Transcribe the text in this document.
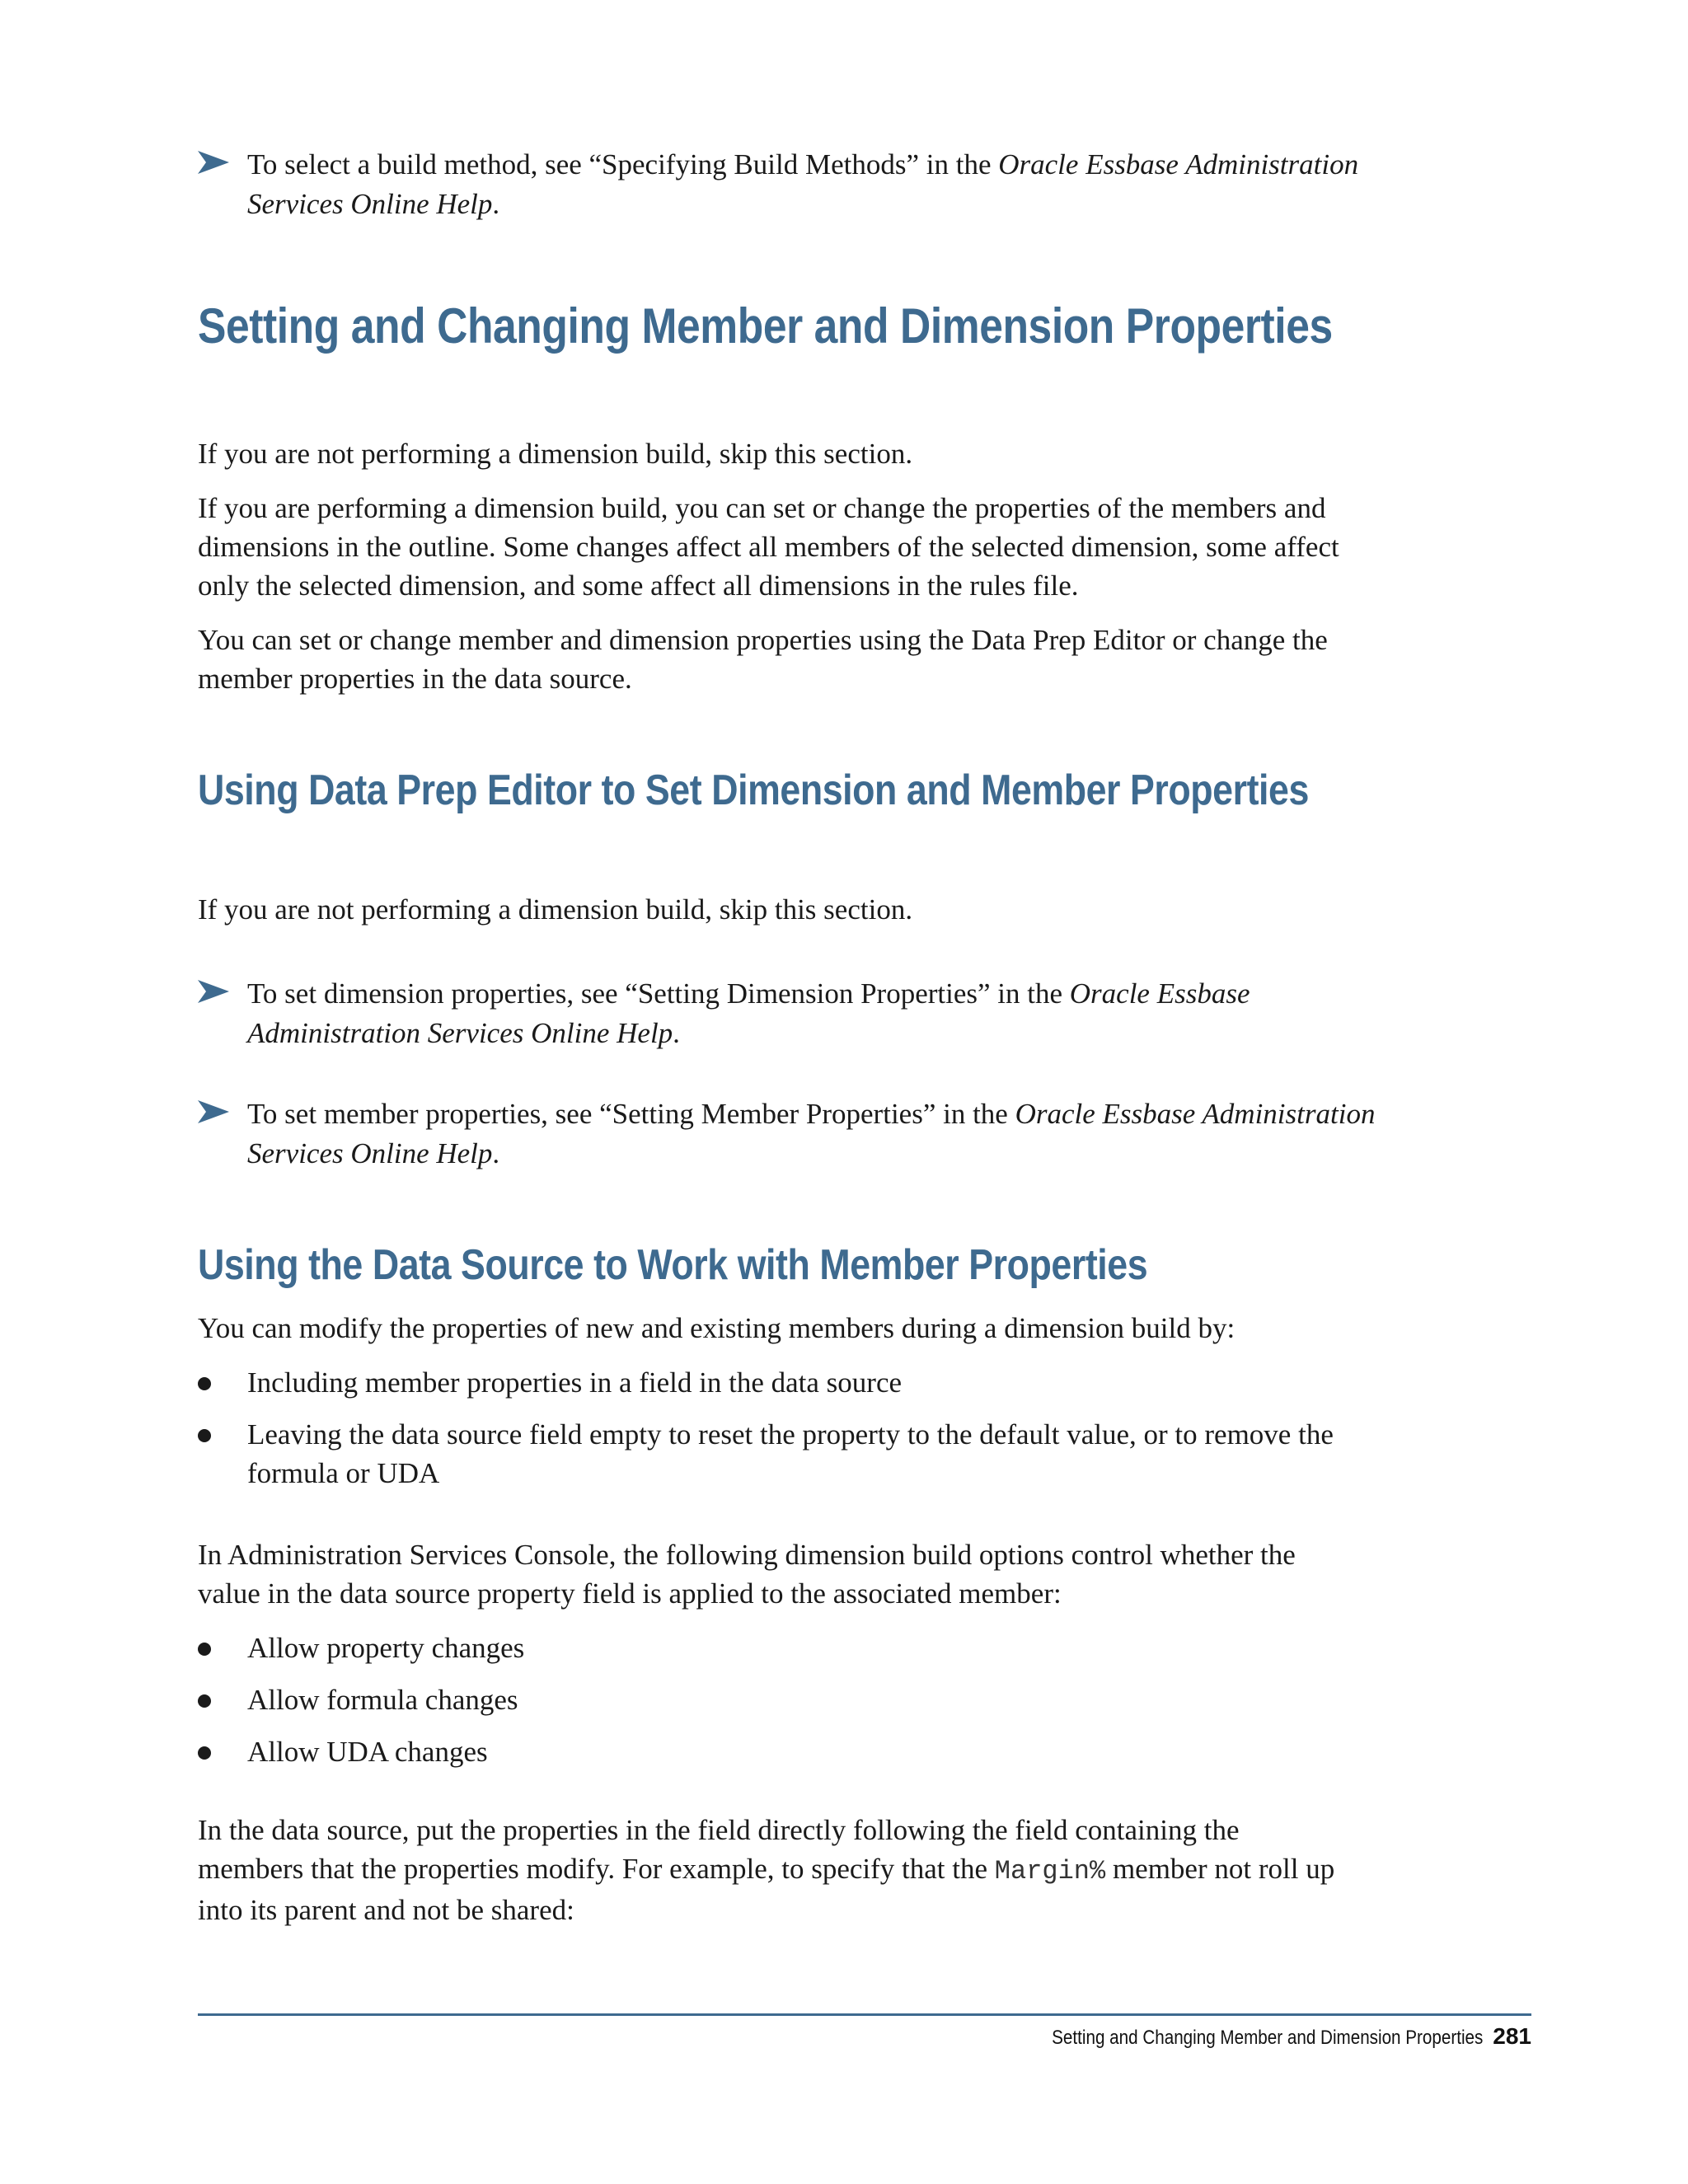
To select a build method, see “Specifying Build Methods” in the Oracle Essbase Administration Services Online Help.
Setting and Changing Member and Dimension Properties

If you are not performing a dimension build, skip this section.

If you are performing a dimension build, you can set or change the properties of the members and dimensions in the outline. Some changes affect all members of the selected dimension, some affect only the selected dimension, and some affect all dimensions in the rules file.

You can set or change member and dimension properties using the Data Prep Editor or change the member properties in the data source.

Using Data Prep Editor to Set Dimension and Member Properties

If you are not performing a dimension build, skip this section.

To set dimension properties, see “Setting Dimension Properties” in the Oracle Essbase Administration Services Online Help.
To set member properties, see “Setting Member Properties” in the Oracle Essbase Administration Services Online Help.
Using the Data Source to Work with Member Properties

You can modify the properties of new and existing members during a dimension build by:

Including member properties in a field in the data source
Leaving the data source field empty to reset the property to the default value, or to remove the formula or UDA

In Administration Services Console, the following dimension build options control whether the value in the data source property field is applied to the associated member:

Allow property changes
Allow formula changes
Allow UDA changes

In the data source, put the properties in the field directly following the field containing the members that the properties modify. For example, to specify that the Margin% member not roll up into its parent and not be shared:

Setting and Changing Member and Dimension Properties 281
